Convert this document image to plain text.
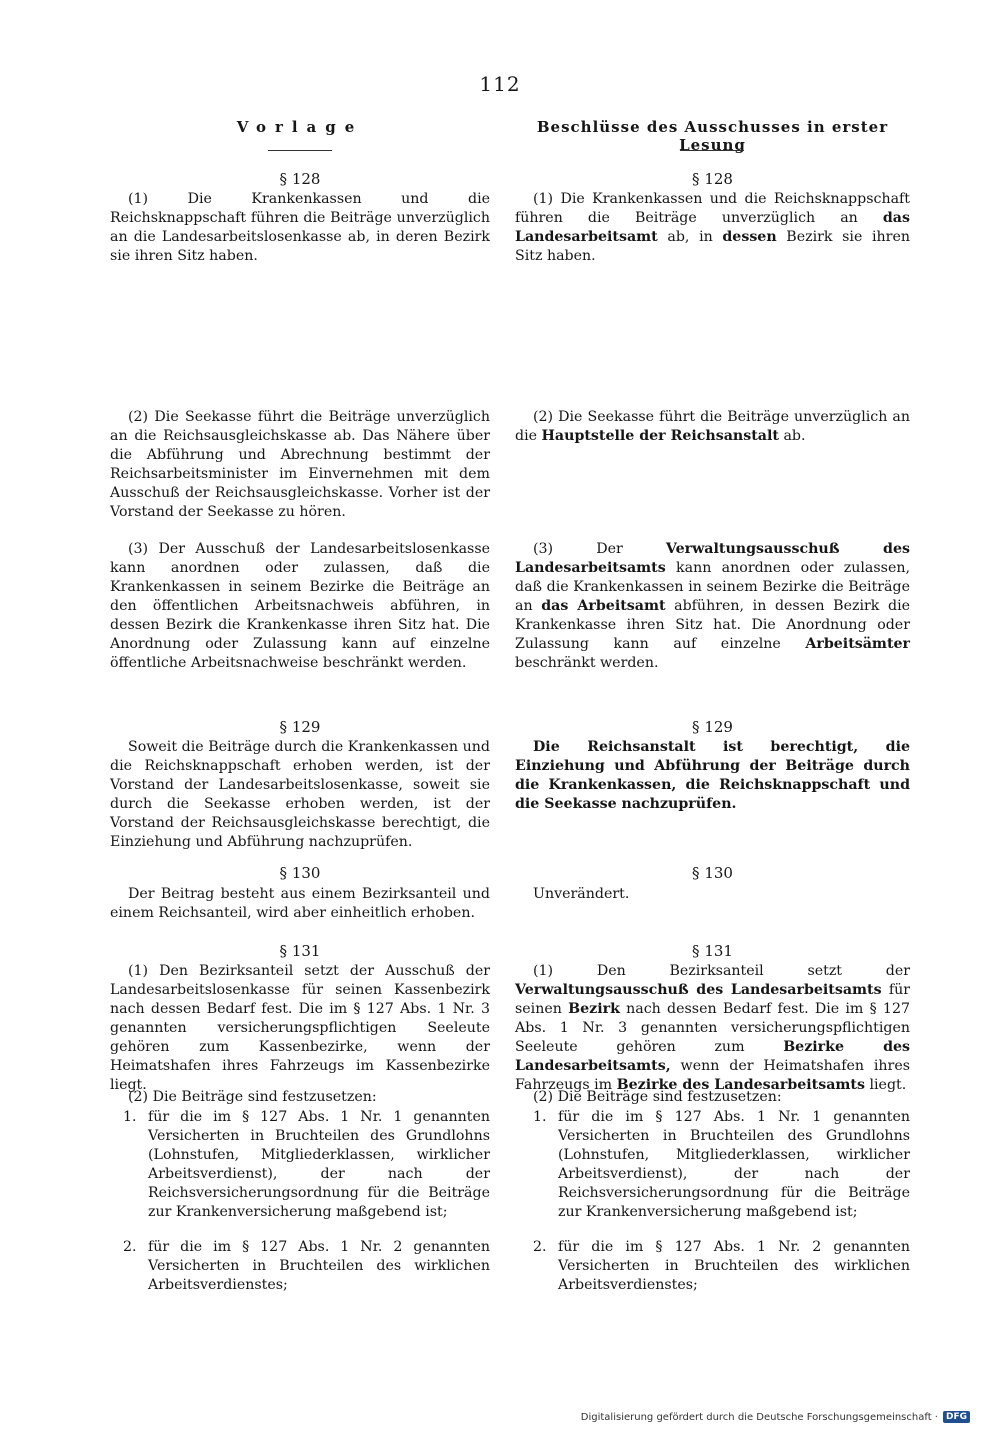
112
Vorlage	Beschlüsse des Ausschusses in erster Lesung
§ 128
(1) Die Krankenkassen und die Reichsknappschaft führen die Beiträge unverzüglich an die Landesarbeitslosenkasse ab, in deren Bezirk sie ihren Sitz haben.
(2) Die Seekasse führt die Beiträge unverzüglich an die Reichsausgleichskasse ab. Das Nähere über die Abführung und Abrechnung bestimmt der Reichsarbeitsminister im Einvernehmen mit dem Ausschuß der Reichsausgleichskasse. Vorher ist der Vorstand der Seekasse zu hören.
(3) Der Ausschuß der Landesarbeitslosenkasse kann anordnen oder zulassen, daß die Krankenkassen in seinem Bezirke die Beiträge an den öffentlichen Arbeitsnachweis abführen, in dessen Bezirk die Krankenkasse ihren Sitz hat. Die Anordnung oder Zulassung kann auf einzelne öffentliche Arbeitsnachweise beschränkt werden.
§ 129
Soweit die Beiträge durch die Krankenkassen und die Reichsknappschaft erhoben werden, ist der Vorstand der Landesarbeitslosenkasse, soweit sie durch die Seekasse erhoben werden, ist der Vorstand der Reichsausgleichskasse berechtigt, die Einziehung und Abführung nachzuprüfen.
§ 130
Der Beitrag besteht aus einem Bezirksanteil und einem Reichsanteil, wird aber einheitlich erhoben.
§ 131
(1) Den Bezirksanteil setzt der Ausschuß der Landesarbeitslosenkasse für seinen Kassenbezirk nach dessen Bedarf fest. Die im § 127 Abs. 1 Nr. 3 genannten versicherungspflichtigen Seeleute gehören zum Kassenbezirke, wenn der Heimatshafen ihres Fahrzeugs im Kassenbezirke liegt.
(2) Die Beiträge sind festzusetzen:
1. für die im § 127 Abs. 1 Nr. 1 genannten Versicherten in Bruchteilen des Grundlohns (Lohnstufen, Mitgliederklassen, wirklicher Arbeitsverdienst), der nach der Reichsversicherungsordnung für die Beiträge zur Krankenversicherung maßgebend ist;
2. für die im § 127 Abs. 1 Nr. 2 genannten Versicherten in Bruchteilen des wirklichen Arbeitsverdienstes;
§ 128
(1) Die Krankenkassen und die Reichsknappschaft führen die Beiträge unverzüglich an das Landesarbeitsamt ab, in dessen Bezirk sie ihren Sitz haben.
(2) Die Seekasse führt die Beiträge unverzüglich an die Hauptstelle der Reichsanstalt ab.
(3) Der Verwaltungsausschuß des Landesarbeitsamts kann anordnen oder zulassen, daß die Krankenkassen in seinem Bezirke die Beiträge an das Arbeitsamt abführen, in dessen Bezirk die Krankenkasse ihren Sitz hat. Die Anordnung oder Zulassung kann auf einzelne Arbeitsämter beschränkt werden.
§ 129
Die Reichsanstalt ist berechtigt, die Einziehung und Abführung der Beiträge durch die Krankenkassen, die Reichsknappschaft und die Seekasse nachzuprüfen.
§ 130
Unverändert.
§ 131
(1) Den Bezirksanteil setzt der Verwaltungsausschuß des Landesarbeitsamts für seinen Bezirk nach dessen Bedarf fest. Die im § 127 Abs. 1 Nr. 3 genannten versicherungspflichtigen Seeleute gehören zum Bezirke des Landesarbeitsamts, wenn der Heimatshafen ihres Fahrzeugs im Bezirke des Landesarbeitsamts liegt.
(2) Die Beiträge sind festzusetzen:
1. für die im § 127 Abs. 1 Nr. 1 genannten Versicherten in Bruchteilen des Grundlohns (Lohnstufen, Mitgliederklassen, wirklicher Arbeitsverdienst), der nach der Reichsversicherungsordnung für die Beiträge zur Krankenversicherung maßgebend ist;
2. für die im § 127 Abs. 1 Nr. 2 genannten Versicherten in Bruchteilen des wirklichen Arbeitsverdienstes;
Digitalisierung gefördert durch die Deutsche Forschungsgemeinschaft · DFG
